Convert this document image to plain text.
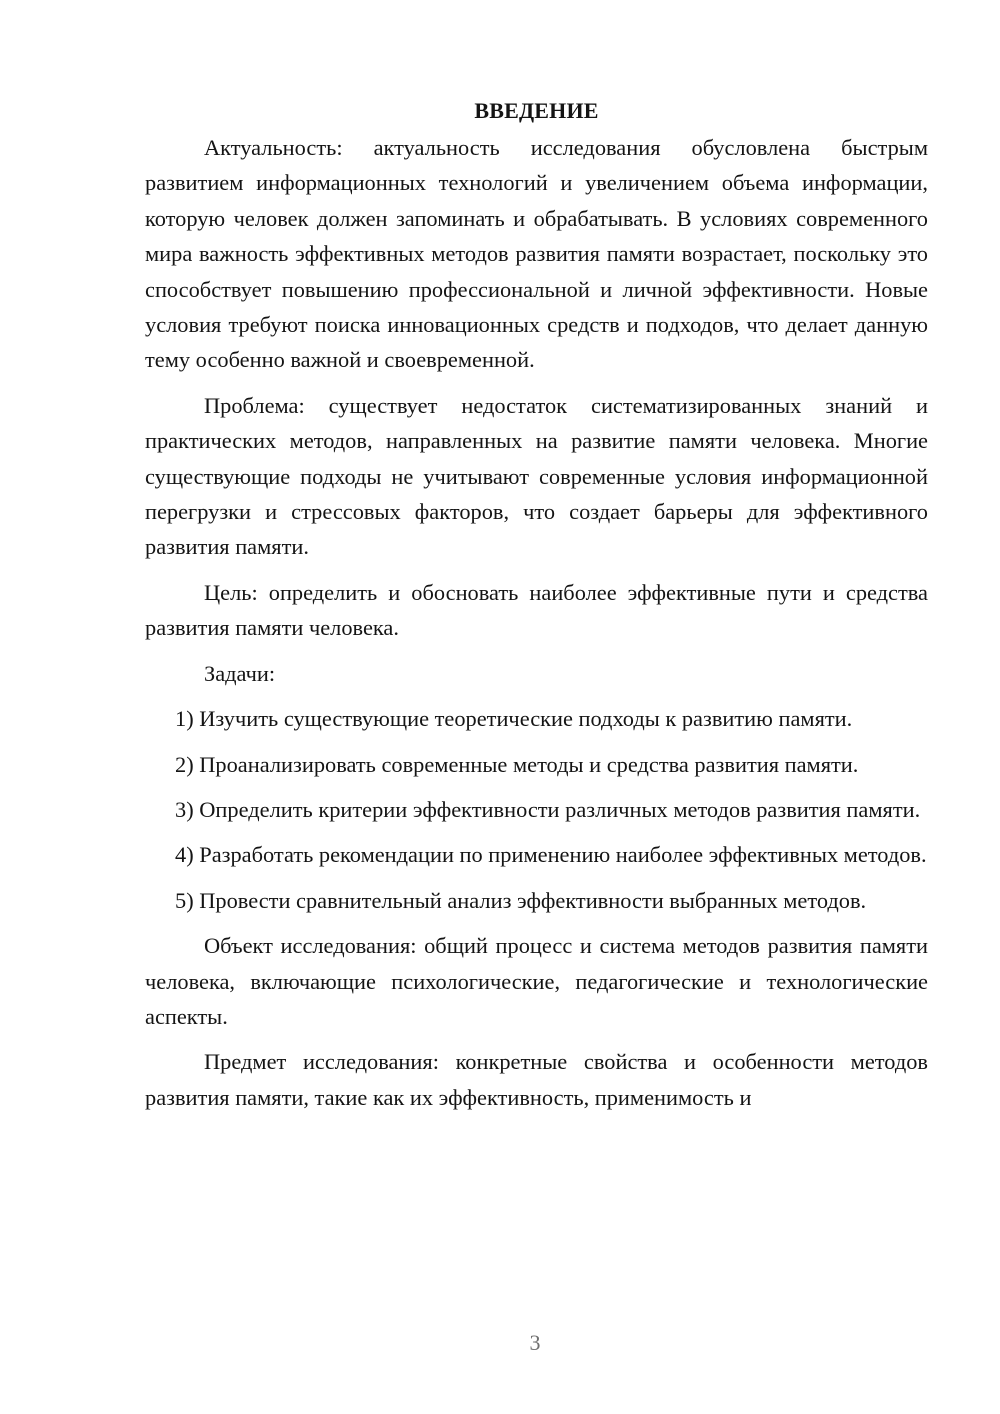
ВВЕДЕНИЕ

Актуальность: актуальность исследования обусловлена быстрым развитием информационных технологий и увеличением объема информации, которую человек должен запоминать и обрабатывать. В условиях современного мира важность эффективных методов развития памяти возрастает, поскольку это способствует повышению профессиональной и личной эффективности. Новые условия требуют поиска инновационных средств и подходов, что делает данную тему особенно важной и своевременной.

Проблема: существует недостаток систематизированных знаний и практических методов, направленных на развитие памяти человека. Многие существующие подходы не учитывают современные условия информационной перегрузки и стрессовых факторов, что создает барьеры для эффективного развития памяти.

Цель: определить и обосновать наиболее эффективные пути и средства развития памяти человека.

Задачи:

1) Изучить существующие теоретические подходы к развитию памяти.

2) Проанализировать современные методы и средства развития памяти.

3) Определить критерии эффективности различных методов развития памяти.

4) Разработать рекомендации по применению наиболее эффективных методов.

5) Провести сравнительный анализ эффективности выбранных методов.

Объект исследования: общий процесс и система методов развития памяти человека, включающие психологические, педагогические и технологические аспекты.

Предмет исследования: конкретные свойства и особенности методов развития памяти, такие как их эффективность, применимость и

3
